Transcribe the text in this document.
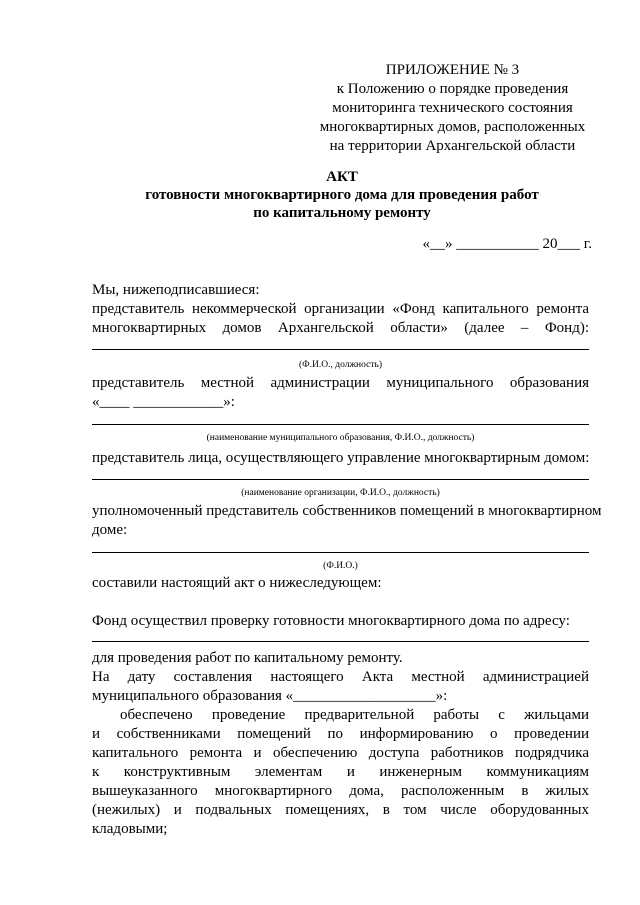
ПРИЛОЖЕНИЕ № 3
к Положению о порядке проведения
мониторинга технического состояния
многоквартирных домов, расположенных
на территории Архангельской области
АКТ
готовности многоквартирного дома для проведения работ
по капитальному ремонту
«__» ___________ 20___ г.
Мы, нижеподписавшиеся:
представитель некоммерческой организации «Фонд капитального ремонта
многоквартирных домов Архангельской области» (далее – Фонд):
(Ф.И.О., должность)
представитель местной администрации муниципального образования
«____ ____________»:
(наименование муниципального образования, Ф.И.О., должность)
представитель лица, осуществляющего управление многоквартирным домом:
(наименование организации, Ф.И.О., должность)
уполномоченный представитель собственников помещений в многоквартирном
доме:
(Ф.И.О.)
составили настоящий акт о нижеследующем:
Фонд осуществил проверку готовности многоквартирного дома по адресу:
для проведения работ по капитальному ремонту.
На дату составления настоящего Акта местной администрацией
муниципального образования «___________________»:
обеспечено проведение предварительной работы с жильцами
и собственниками помещений по информированию о проведении
капитального ремонта и обеспечению доступа работников подрядчика
к конструктивным элементам и инженерным коммуникациям
вышеуказанного многоквартирного дома, расположенным в жилых
(нежилых) и подвальных помещениях, в том числе оборудованных
кладовыми;
